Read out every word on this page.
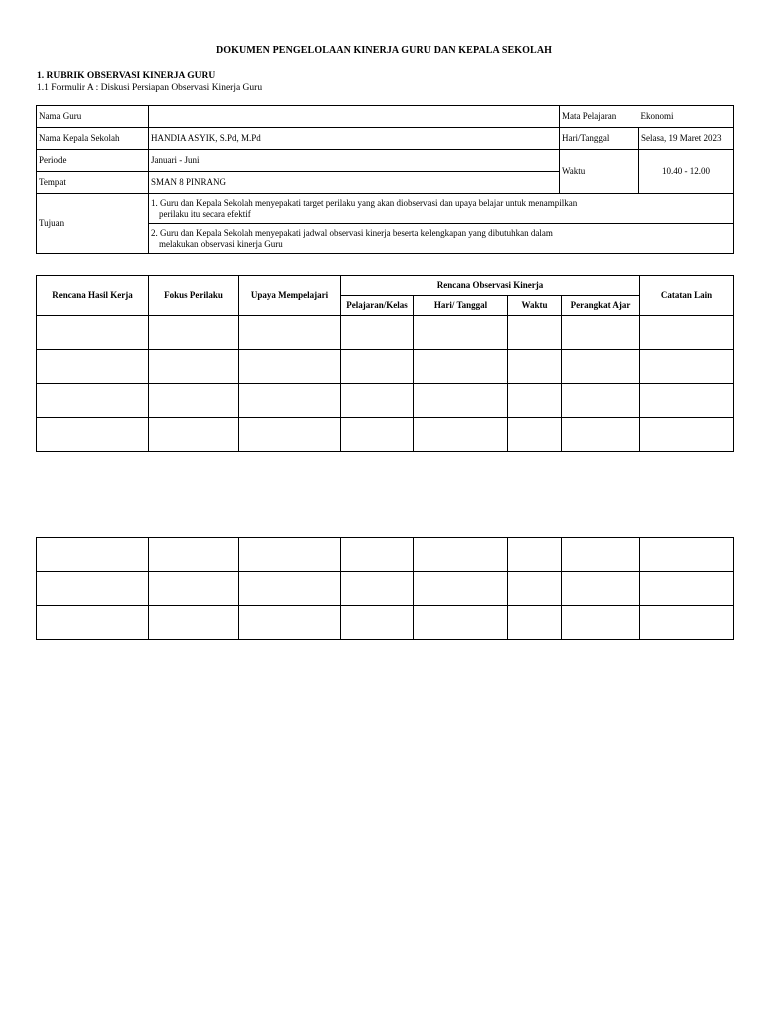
DOKUMEN PENGELOLAAN KINERJA GURU DAN KEPALA SEKOLAH
1. RUBRIK OBSERVASI KINERJA GURU
1.1 Formulir A : Diskusi Persiapan Observasi Kinerja Guru
Nama Guru		Mata Pelajaran	Ekonomi
Nama Kepala Sekolah	HANDIA ASYIK, S.Pd, M.Pd	Hari/Tanggal	Selasa, 19 Maret 2023
Periode	Januari - Juni	Waktu	10.40 - 12.00
Tempat	SMAN 8 PINRANG		
Tujuan	1. Guru dan Kepala Sekolah menyepakati target perilaku yang akan diobservasi dan upaya belajar untuk menampilkan
perilaku itu secara efektif		

	2. Guru dan Kepala Sekolah menyepakati jadwal observasi kinerja beserta kelengkapan yang dibutuhkan dalam
melakukan observasi kinerja Guru		
Rencana Hasil Kerja	Fokus Perilaku	Upaya Mempelajari	Rencana Observasi Kinerja				Catatan Lain
			Pelajaran/Kelas	Hari/ Tanggal	Waktu	Perangkat Ajar	
